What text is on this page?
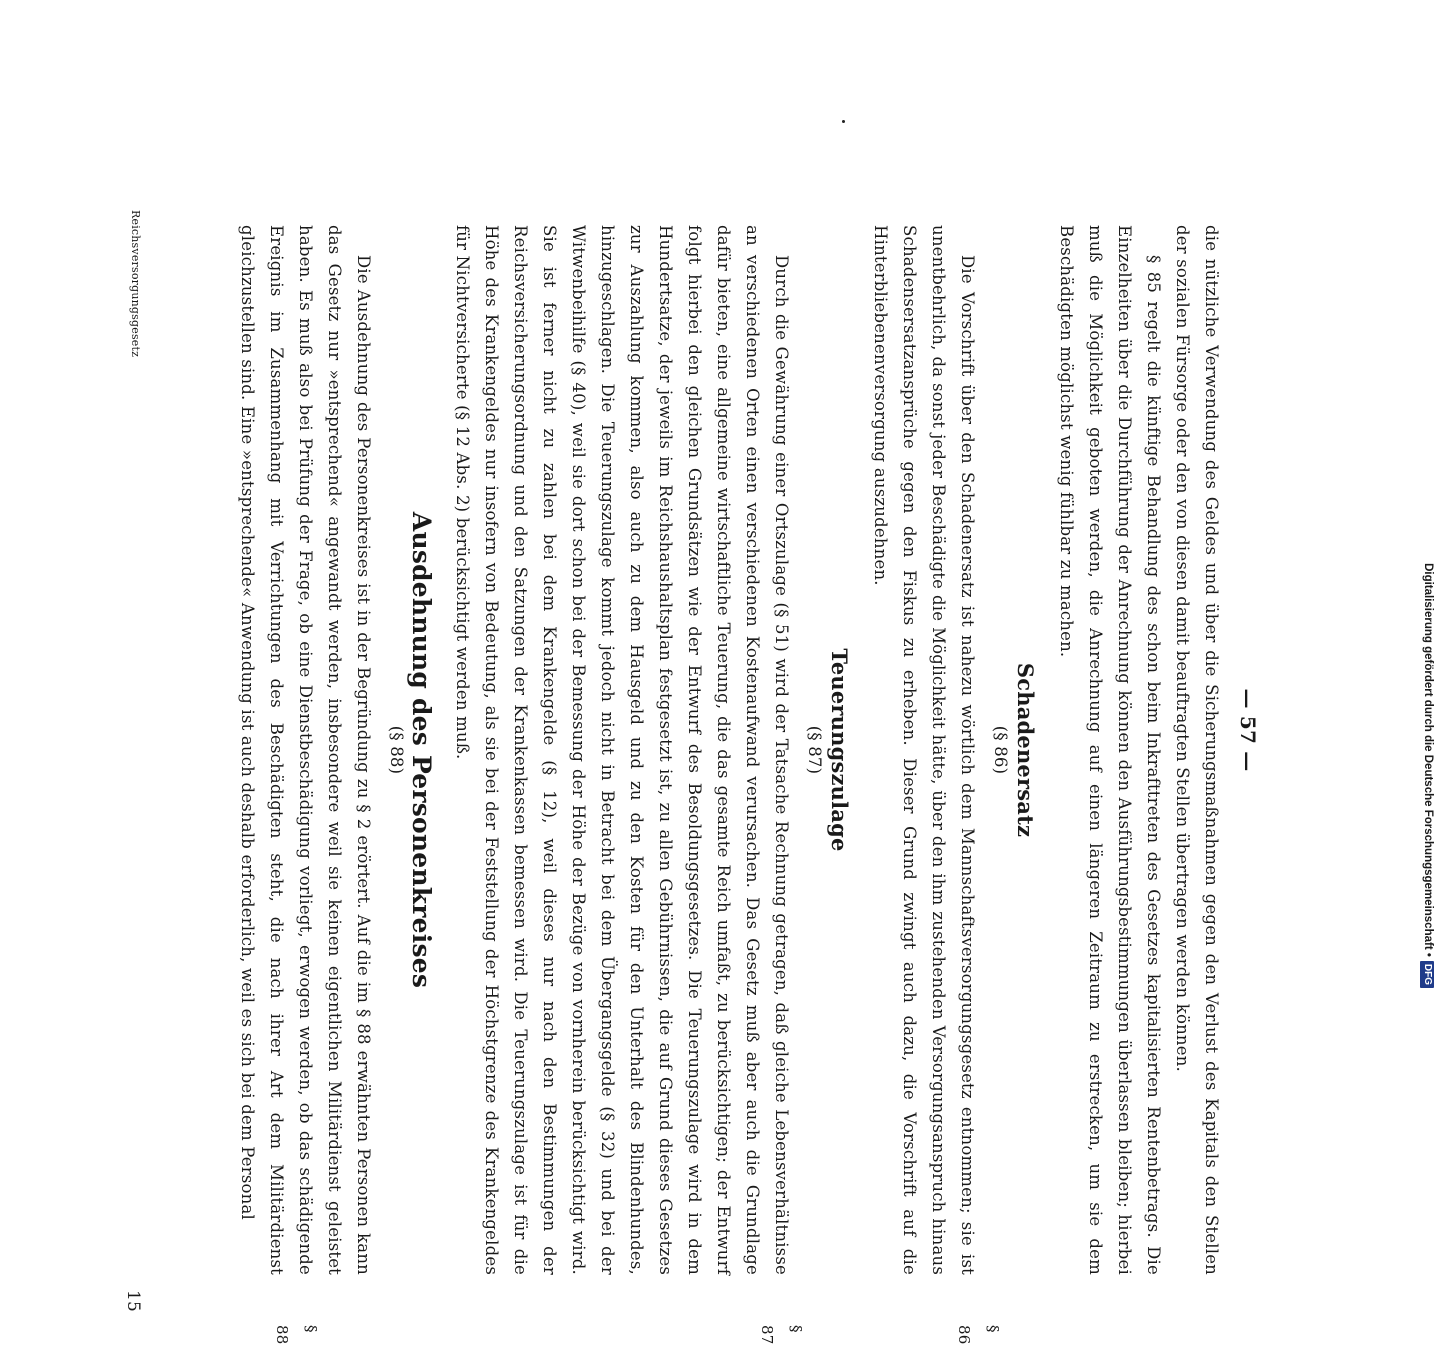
— 57 —

die nützliche Verwendung des Geldes und über die Sicherungsmaßnahmen gegen den Verlust des Kapitals den Stellen der sozialen Fürsorge oder den von diesen damit beauftragten Stellen übertragen werden können.

§ 85 regelt die künftige Behandlung des schon beim Inkrafttreten des Gesetzes kapitalisierten Rentenbetrags. Die Einzelheiten über die Durchführung der Anrechnung können den Ausführungsbestimmungen überlassen bleiben; hierbei muß die Möglichkeit geboten werden, die Anrechnung auf einen längeren Zeitraum zu erstrecken, um sie dem Beschädigten möglichst wenig fühlbar zu machen.

Schadenersatz
(§ 86)

Die Vorschrift über den Schadenersatz ist nahezu wörtlich dem Mannschaftsversorgungsgesetz entnommen; sie ist unentbehrlich, da sonst jeder Beschädigte die Möglichkeit hätte, über den ihm zustehenden Versorgungsanspruch hinaus Schadensersatzansprüche gegen den Fiskus zu erheben. Dieser Grund zwingt auch dazu, die Vorschrift auf die Hinterbliebenenversorgung auszudehnen.

Teuerungszulage
(§ 87)

Durch die Gewährung einer Ortszulage (§ 51) wird der Tatsache Rechnung getragen, daß gleiche Lebensverhältnisse an verschiedenen Orten einen verschiedenen Kostenaufwand verursachen. Das Gesetz muß aber auch die Grundlage dafür bieten, eine allgemeine wirtschaftliche Teuerung, die das gesamte Reich umfaßt, zu berücksichtigen; der Entwurf folgt hierbei den gleichen Grundsätzen wie der Entwurf des Besoldungsgesetzes. Die Teuerungszulage wird in dem Hundertsatze, der jeweils im Reichshaushaltsplan festgesetzt ist, zu allen Gebührnissen, die auf Grund dieses Gesetzes zur Auszahlung kommen, also auch zu dem Hausgeld und zu den Kosten für den Unterhalt des Blindenhundes, hinzugeschlagen. Die Teuerungszulage kommt jedoch nicht in Betracht bei dem Übergangsgelde (§ 32) und bei der Witwenbeihilfe (§ 40), weil sie dort schon bei der Bemessung der Höhe der Bezüge von vornherein berücksichtigt wird. Sie ist ferner nicht zu zahlen bei dem Krankengelde (§ 12), weil dieses nur nach den Bestimmungen der Reichsversicherungsordnung und den Satzungen der Krankenkassen bemessen wird. Die Teuerungszulage ist für die Höhe des Krankengeldes nur insofern von Bedeutung, als sie bei der Feststellung der Höchstgrenze des Krankengeldes für Nichtversicherte (§ 12 Abs. 2) berücksichtigt werden muß.

Ausdehnung des Personenkreises
(§ 88)

Die Ausdehnung des Personenkreises ist in der Begründung zu § 2 erörtert. Auf die im § 88 erwähnten Personen kann das Gesetz nur »entsprechend« angewandt werden, insbesondere weil sie keinen eigentlichen Militärdienst geleistet haben. Es muß also bei Prüfung der Frage, ob eine Dienstbeschädigung vorliegt, erwogen werden, ob das schädigende Ereignis im Zusammenhang mit Verrichtungen des Beschädigten steht, die nach ihrer Art dem Militärdienst gleichzustellen sind. Eine »entsprechende« Anwendung ist auch deshalb erforderlich, weil es sich bei dem Personal

§ 86
§ 87
§ 88
Reichsversorgungsgesetz
15
Digitalisierung gefördert durch die Deutsche Forschungsgemeinschaft •DFG
